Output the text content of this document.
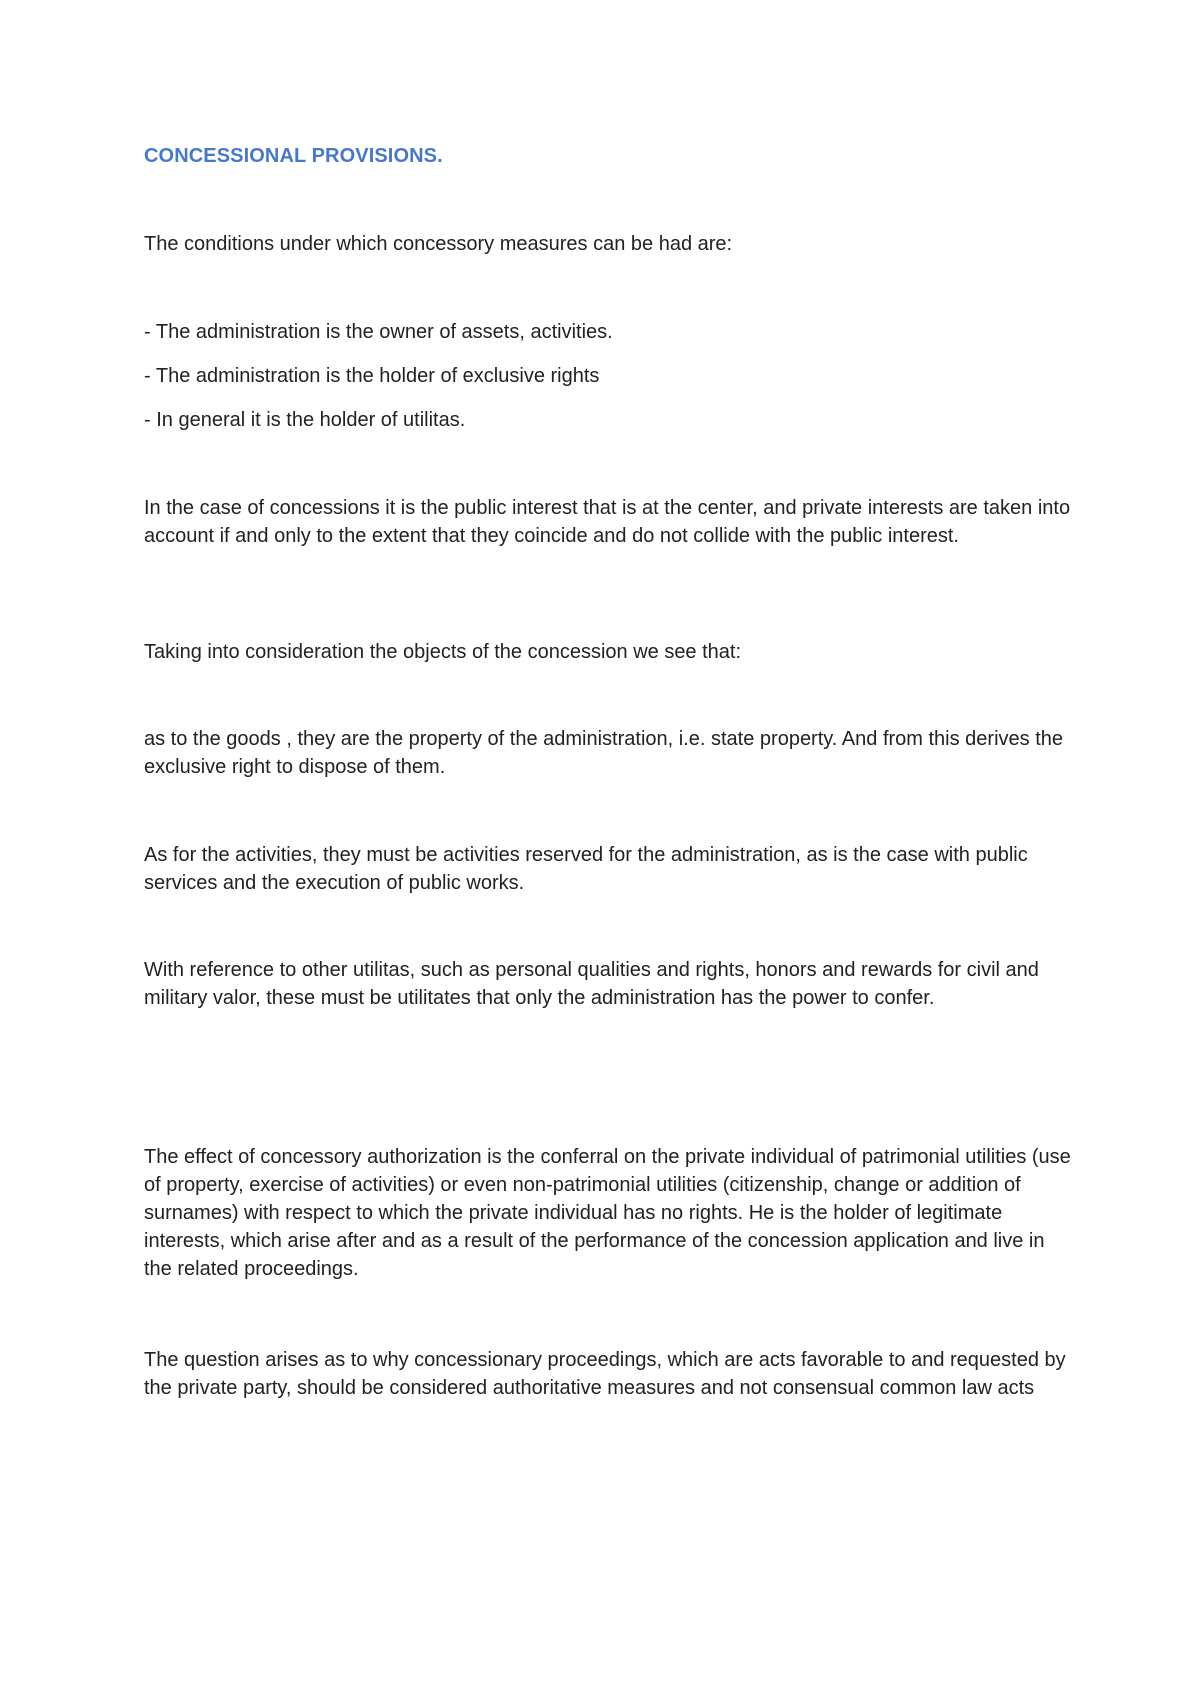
CONCESSIONAL PROVISIONS.

The conditions under which concessory measures can be had are:

- The administration is the owner of assets, activities.

- The administration is the holder of exclusive rights

- In general it is the holder of utilitas.

In the case of concessions it is the public interest that is at the center, and private interests are taken into account if and only to the extent that they coincide and do not collide with the public interest.

Taking into consideration the objects of the concession we see that:

as to the goods , they are the property of the administration, i.e. state property. And from this derives the exclusive right to dispose of them.

As for the activities, they must be activities reserved for the administration, as is the case with public services and the execution of public works.

With reference to other utilitas, such as personal qualities and rights, honors and rewards for civil and military valor, these must be utilitates that only the administration has the power to confer.

The effect of concessory authorization is the conferral on the private individual of patrimonial utilities (use of property, exercise of activities) or even non-patrimonial utilities (citizenship, change or addition of surnames) with respect to which the private individual has no rights. He is the holder of legitimate interests, which arise after and as a result of the performance of the concession application and live in the related proceedings.

The question arises as to why concessionary proceedings, which are acts favorable to and requested by the private party, should be considered authoritative measures and not consensual common law acts
